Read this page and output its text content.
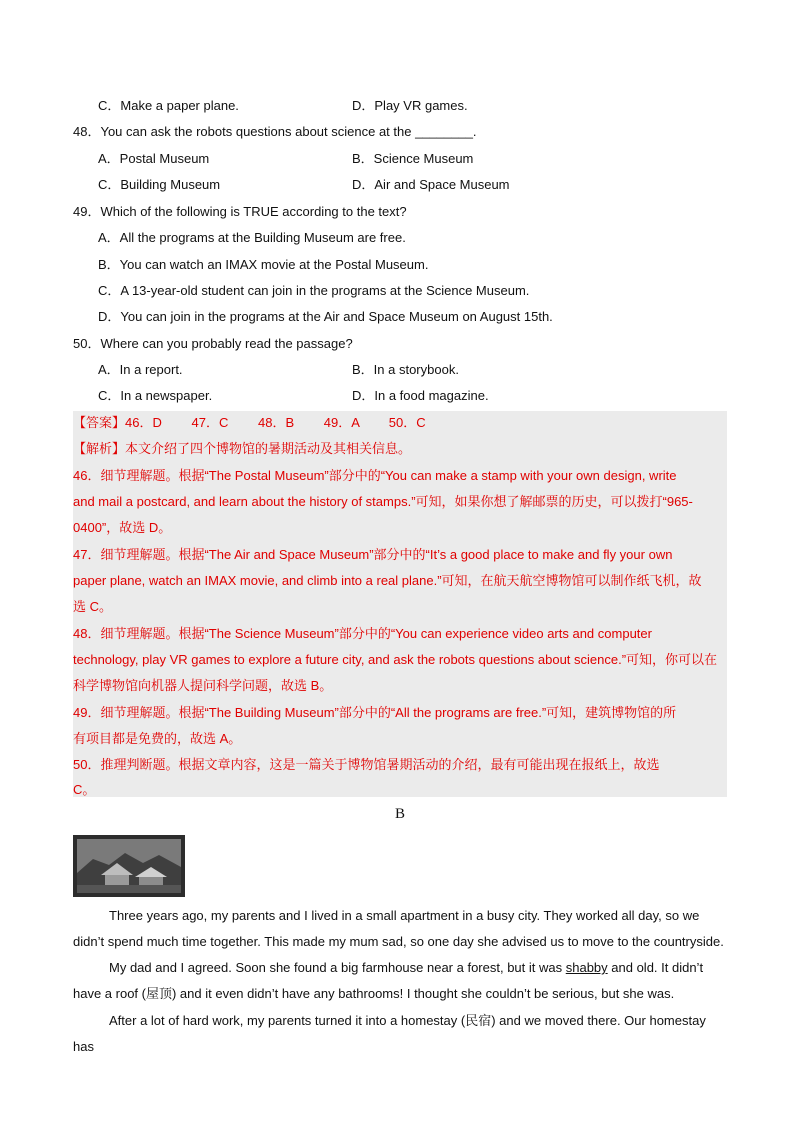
C．Make a paper plane.	D．Play VR games.
48．You can ask the robots questions about science at the ________.
A．Postal Museum	B．Science Museum
C．Building Museum	D．Air and Space Museum
49．Which of the following is TRUE according to the text?
A．All the programs at the Building Museum are free.
B．You can watch an IMAX movie at the Postal Museum.
C．A 13-year-old student can join in the programs at the Science Museum.
D．You can join in the programs at the Air and Space Museum on August 15th.
50．Where can you probably read the passage?
A．In a report.	B．In a storybook.
C．In a newspaper.	D．In a food magazine.
【答案】46．D 47．C 48．B 49．A 50．C
【解析】本文介绍了四个博物馆的暑期活动及其相关信息。
46．细节理解题。根据“The Postal Museum”部分中的“You can make a stamp with your own design, write
and mail a postcard, and learn about the history of stamps.”可知，如果你想了解邮票的历史，可以拨打“965-
0400”，故选 D。
47．细节理解题。根据“The Air and Space Museum”部分中的“It’s a good place to make and fly your own
paper plane, watch an IMAX movie, and climb into a real plane.”可知，在航天航空博物馆可以制作纸飞机，故
选 C。
48．细节理解题。根据“The Science Museum”部分中的“You can experience video arts and computer
technology, play VR games to explore a future city, and ask the robots questions about science.”可知，你可以在
科学博物馆向机器人提问科学问题，故选 B。
49．细节理解题。根据“The Building Museum”部分中的“All the programs are free.”可知，建筑博物馆的所
有项目都是免费的，故选 A。
50．推理判断题。根据文章内容，这是一篇关于博物馆暑期活动的介绍，最有可能出现在报纸上，故选
C。
B
Three years ago, my parents and I lived in a small apartment in a busy city. They worked all day, so we didn’t spend much time together. This made my mum sad, so one day she advised us to move to the countryside.
My dad and I agreed. Soon she found a big farmhouse near a forest, but it was shabby and old. It didn’t have a roof (屋顶) and it even didn’t have any bathrooms! I thought she couldn’t be serious, but she was.
After a lot of hard work, my parents turned it into a homestay (民宿) and we moved there. Our homestay has
